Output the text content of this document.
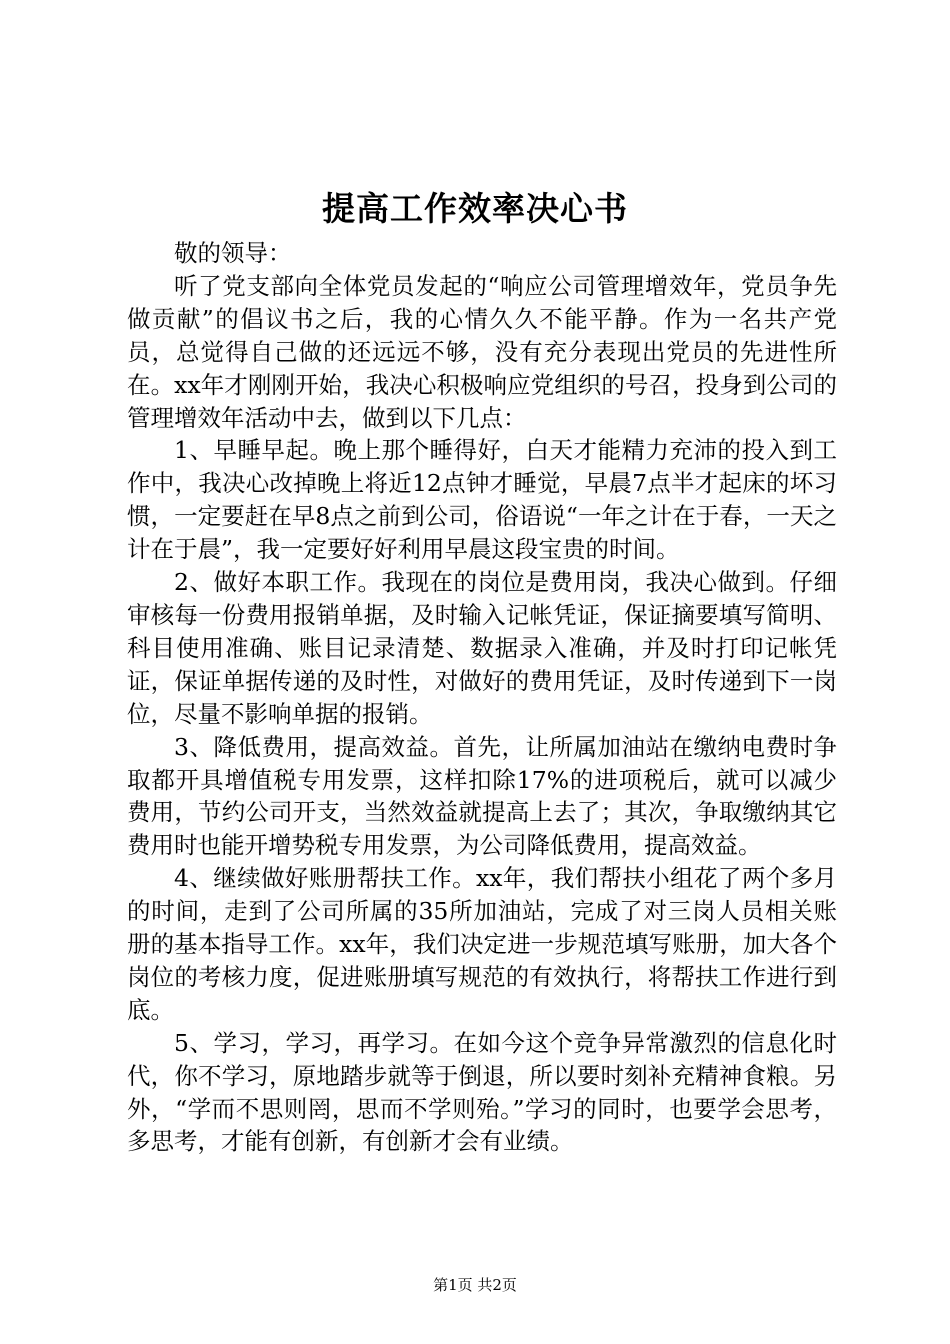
提高工作效率决心书

敬的领导：

听了党支部向全体党员发起的“响应公司管理增效年，党员争先做贡献”的倡议书之后，我的心情久久不能平静。作为一名共产党员，总觉得自己做的还远远不够，没有充分表现出党员的先进性所在。xx年才刚刚开始，我决心积极响应党组织的号召，投身到公司的管理增效年活动中去，做到以下几点：

1、早睡早起。晚上那个睡得好，白天才能精力充沛的投入到工作中，我决心改掉晚上将近12点钟才睡觉，早晨7点半才起床的坏习惯，一定要赶在早8点之前到公司，俗语说“一年之计在于春，一天之计在于晨”，我一定要好好利用早晨这段宝贵的时间。

2、做好本职工作。我现在的岗位是费用岗，我决心做到。仔细审核每一份费用报销单据，及时输入记帐凭证，保证摘要填写简明、科目使用准确、账目记录清楚、数据录入准确，并及时打印记帐凭证，保证单据传递的及时性，对做好的费用凭证，及时传递到下一岗位，尽量不影响单据的报销。

3、降低费用，提高效益。首先，让所属加油站在缴纳电费时争取都开具增值税专用发票，这样扣除17%的进项税后，就可以减少费用，节约公司开支，当然效益就提高上去了；其次，争取缴纳其它费用时也能开增势税专用发票，为公司降低费用，提高效益。

4、继续做好账册帮扶工作。xx年，我们帮扶小组花了两个多月的时间，走到了公司所属的35所加油站，完成了对三岗人员相关账册的基本指导工作。xx年，我们决定进一步规范填写账册，加大各个岗位的考核力度，促进账册填写规范的有效执行，将帮扶工作进行到底。

5、学习，学习，再学习。在如今这个竞争异常激烈的信息化时代，你不学习，原地踏步就等于倒退，所以要时刻补充精神食粮。另外，“学而不思则罔，思而不学则殆。”学习的同时，也要学会思考，多思考，才能有创新，有创新才会有业绩。

第1页 共2页
